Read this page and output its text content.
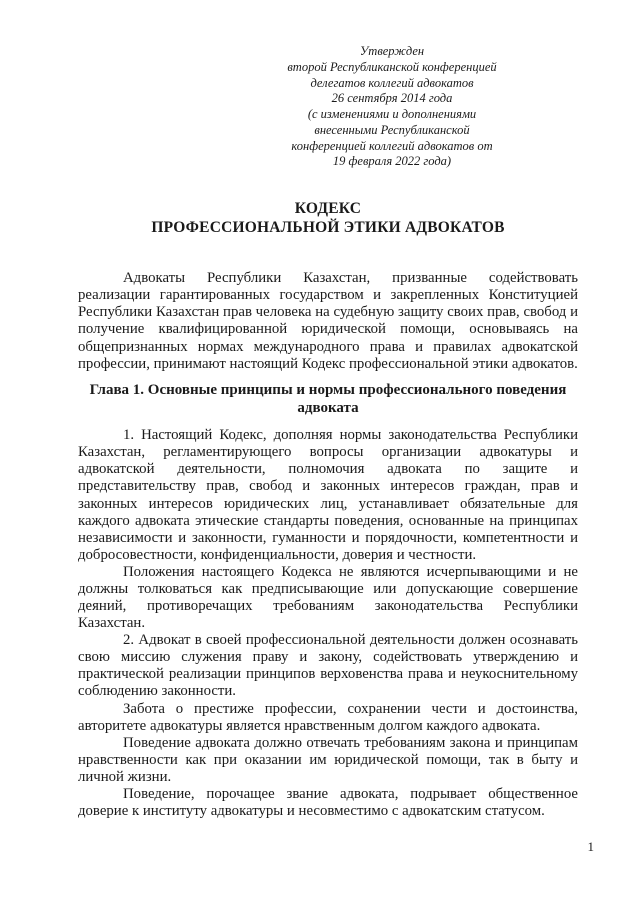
Утвержден
второй Республиканской конференцией
делегатов коллегий адвокатов
26 сентября 2014 года
(с изменениями и дополнениями
внесенными Республиканской
конференцией коллегий адвокатов от
19 февраля 2022 года)
КОДЕКС
ПРОФЕССИОНАЛЬНОЙ ЭТИКИ АДВОКАТОВ

Адвокаты Республики Казахстан, призванные содействовать реализации гарантированных государством и закрепленных Конституцией Республики Казахстан прав человека на судебную защиту своих прав, свобод и получение квалифицированной юридической помощи, основываясь на общепризнанных нормах международного права и правилах адвокатской профессии, принимают настоящий Кодекс профессиональной этики адвокатов.

Глава 1. Основные принципы и нормы профессионального поведения адвоката

1. Настоящий Кодекс, дополняя нормы законодательства Республики Казахстан, регламентирующего вопросы организации адвокатуры и адвокатской деятельности, полномочия адвоката по защите и представительству прав, свобод и законных интересов граждан, прав и законных интересов юридических лиц, устанавливает обязательные для каждого адвоката этические стандарты поведения, основанные на принципах независимости и законности, гуманности и порядочности, компетентности и добросовестности, конфиденциальности, доверия и честности.

Положения настоящего Кодекса не являются исчерпывающими и не должны толковаться как предписывающие или допускающие совершение деяний, противоречащих требованиям законодательства Республики Казахстан.

2. Адвокат в своей профессиональной деятельности должен осознавать свою миссию служения праву и закону, содействовать утверждению и практической реализации принципов верховенства права и неукоснительному соблюдению законности.

Забота о престиже профессии, сохранении чести и достоинства, авторитете адвокатуры является нравственным долгом каждого адвоката.

Поведение адвоката должно отвечать требованиям закона и принципам нравственности как при оказании им юридической помощи, так в быту и личной жизни.

Поведение, порочащее звание адвоката, подрывает общественное доверие к институту адвокатуры и несовместимо с адвокатским статусом.

1
